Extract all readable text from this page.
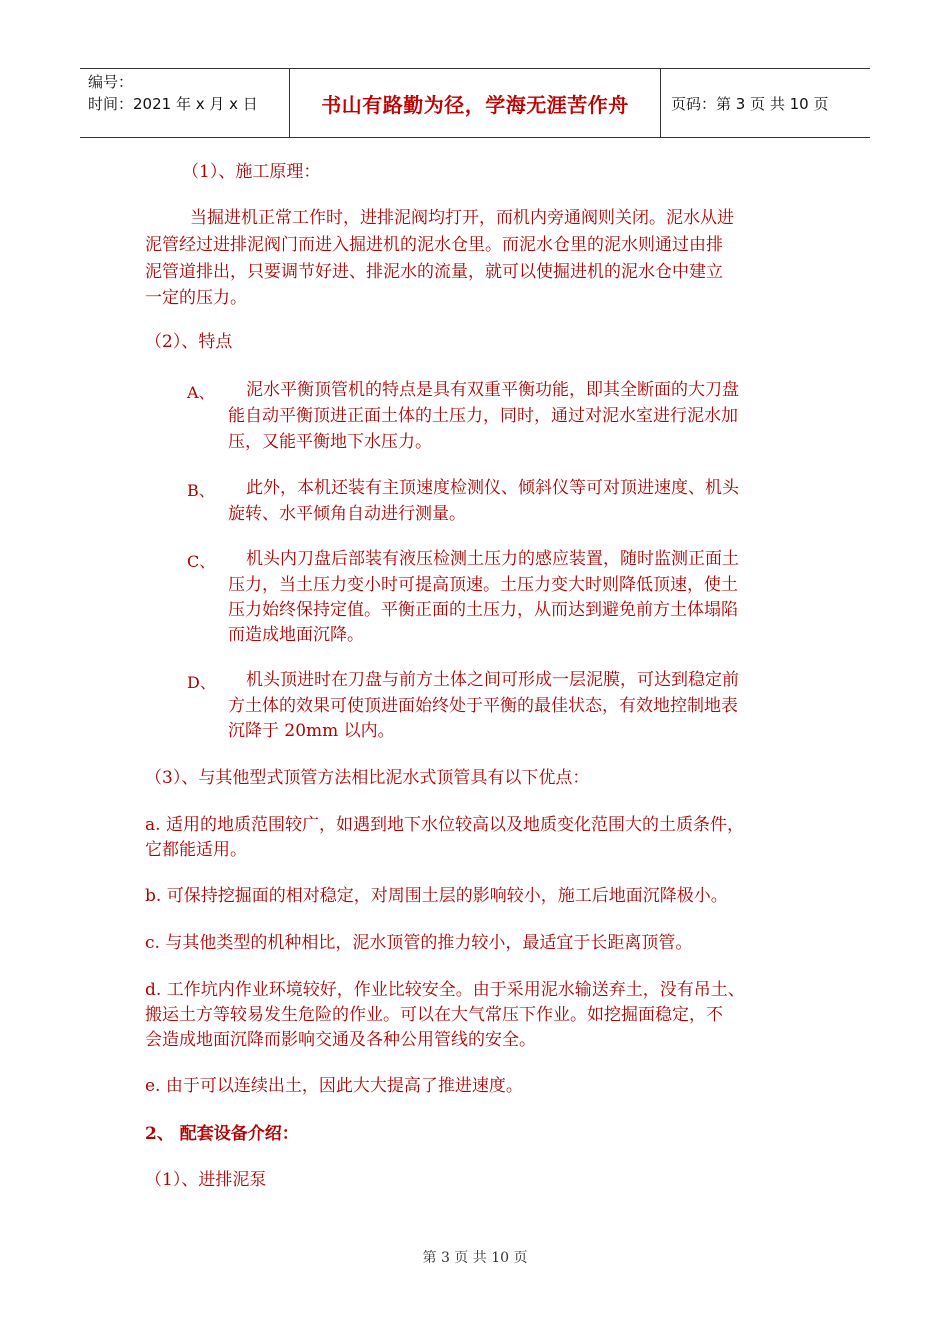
编号：
时间：2021 年 x 月 x 日	书山有路勤为径，学海无涯苦作舟	页码：第 3 页 共 10 页
（1）、施工原理：
当掘进机正常工作时，进排泥阀均打开，而机内旁通阀则关闭。泥水从进
泥管经过进排泥阀门而进入掘进机的泥水仓里。而泥水仓里的泥水则通过由排
泥管道排出，只要调节好进、排泥水的流量，就可以使掘进机的泥水仓中建立
一定的压力。
（2）、特点
A、 泥水平衡顶管机的特点是具有双重平衡功能，即其全断面的大刀盘
能自动平衡顶进正面土体的土压力，同时，通过对泥水室进行泥水加
压，又能平衡地下水压力。
B、 此外，本机还装有主顶速度检测仪、倾斜仪等可对顶进速度、机头
旋转、水平倾角自动进行测量。
C、 机头内刀盘后部装有液压检测土压力的感应装置，随时监测正面土
压力，当土压力变小时可提高顶速。土压力变大时则降低顶速，使土
压力始终保持定值。平衡正面的土压力，从而达到避免前方土体塌陷
而造成地面沉降。
D、 机头顶进时在刀盘与前方土体之间可形成一层泥膜，可达到稳定前
方土体的效果可使顶进面始终处于平衡的最佳状态，有效地控制地表
沉降于 20mm 以内。
（3）、与其他型式顶管方法相比泥水式顶管具有以下优点：
a. 适用的地质范围较广，如遇到地下水位较高以及地质变化范围大的土质条件，
它都能适用。
b. 可保持挖掘面的相对稳定，对周围土层的影响较小，施工后地面沉降极小。
c. 与其他类型的机种相比，泥水顶管的推力较小，最适宜于长距离顶管。
d. 工作坑内作业环境较好，作业比较安全。由于采用泥水输送弃土，没有吊土、
搬运土方等较易发生危险的作业。可以在大气常压下作业。如挖掘面稳定，不
会造成地面沉降而影响交通及各种公用管线的安全。
e. 由于可以连续出土，因此大大提高了推进速度。
2、 配套设备介绍：
（1）、进排泥泵
第 3 页 共 10 页
